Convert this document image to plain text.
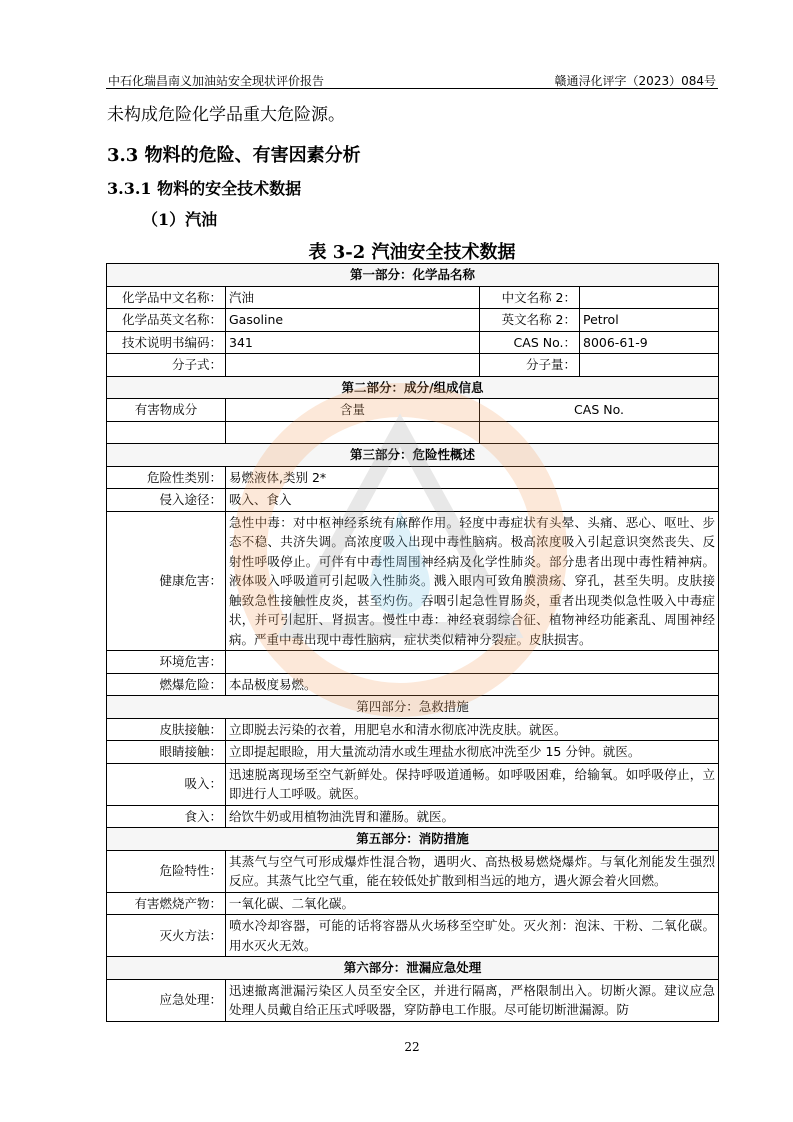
中石化瑞昌南义加油站安全现状评价报告	赣通浔化评字（2023）084号
未构成危险化学品重大危险源。
3.3 物料的危险、有害因素分析
3.3.1 物料的安全技术数据
（1）汽油
表 3-2 汽油安全技术数据
第一部分：化学品名称			
化学品中文名称：	汽油	中文名称 2：	
化学品英文名称：	Gasoline	英文名称 2：	Petrol
技术说明书编码：	341	CAS No.：	8006-61-9
分子式：		分子量：	
第二部分：成分/组成信息			
有害物成分	含量	CAS No.	

第三部分：危险性概述			
危险性类别：	易燃液体,类别 2*		
侵入途径：	吸入、食入		
健康危害：	急性中毒：对中枢神经系统有麻醉作用。轻度中毒症状有头晕、头痛、恶心、呕吐、步态不稳、共济失调。高浓度吸入出现中毒性脑病。极高浓度吸入引起意识突然丧失、反射性呼吸停止。可伴有中毒性周围神经病及化学性肺炎。部分患者出现中毒性精神病。液体吸入呼吸道可引起吸入性肺炎。溅入眼内可致角膜溃疡、穿孔，甚至失明。皮肤接触致急性接触性皮炎，甚至灼伤。吞咽引起急性胃肠炎，重者出现类似急性吸入中毒症状，并可引起肝、肾损害。慢性中毒：神经衰弱综合征、植物神经功能紊乱、周围神经病。严重中毒出现中毒性脑病，症状类似精神分裂症。皮肤损害。		
环境危害：			
燃爆危险：	本品极度易燃。		
第四部分：急救措施			
皮肤接触：	立即脱去污染的衣着，用肥皂水和清水彻底冲洗皮肤。就医。		
眼睛接触：	立即提起眼睑，用大量流动清水或生理盐水彻底冲洗至少 15 分钟。就医。		
吸入：	迅速脱离现场至空气新鲜处。保持呼吸道通畅。如呼吸困难，给输氧。如呼吸停止，立即进行人工呼吸。就医。		
食入：	给饮牛奶或用植物油洗胃和灌肠。就医。		
第五部分：消防措施			
危险特性：	其蒸气与空气可形成爆炸性混合物，遇明火、高热极易燃烧爆炸。与氧化剂能发生强烈反应。其蒸气比空气重，能在较低处扩散到相当远的地方，遇火源会着火回燃。		
有害燃烧产物：	一氧化碳、二氧化碳。		
灭火方法：	喷水冷却容器，可能的话将容器从火场移至空旷处。灭火剂：泡沫、干粉、二氧化碳。用水灭火无效。		
第六部分：泄漏应急处理			
应急处理：	迅速撤离泄漏污染区人员至安全区，并进行隔离，严格限制出入。切断火源。建议应急处理人员戴自给正压式呼吸器，穿防静电工作服。尽可能切断泄漏源。防		
22
